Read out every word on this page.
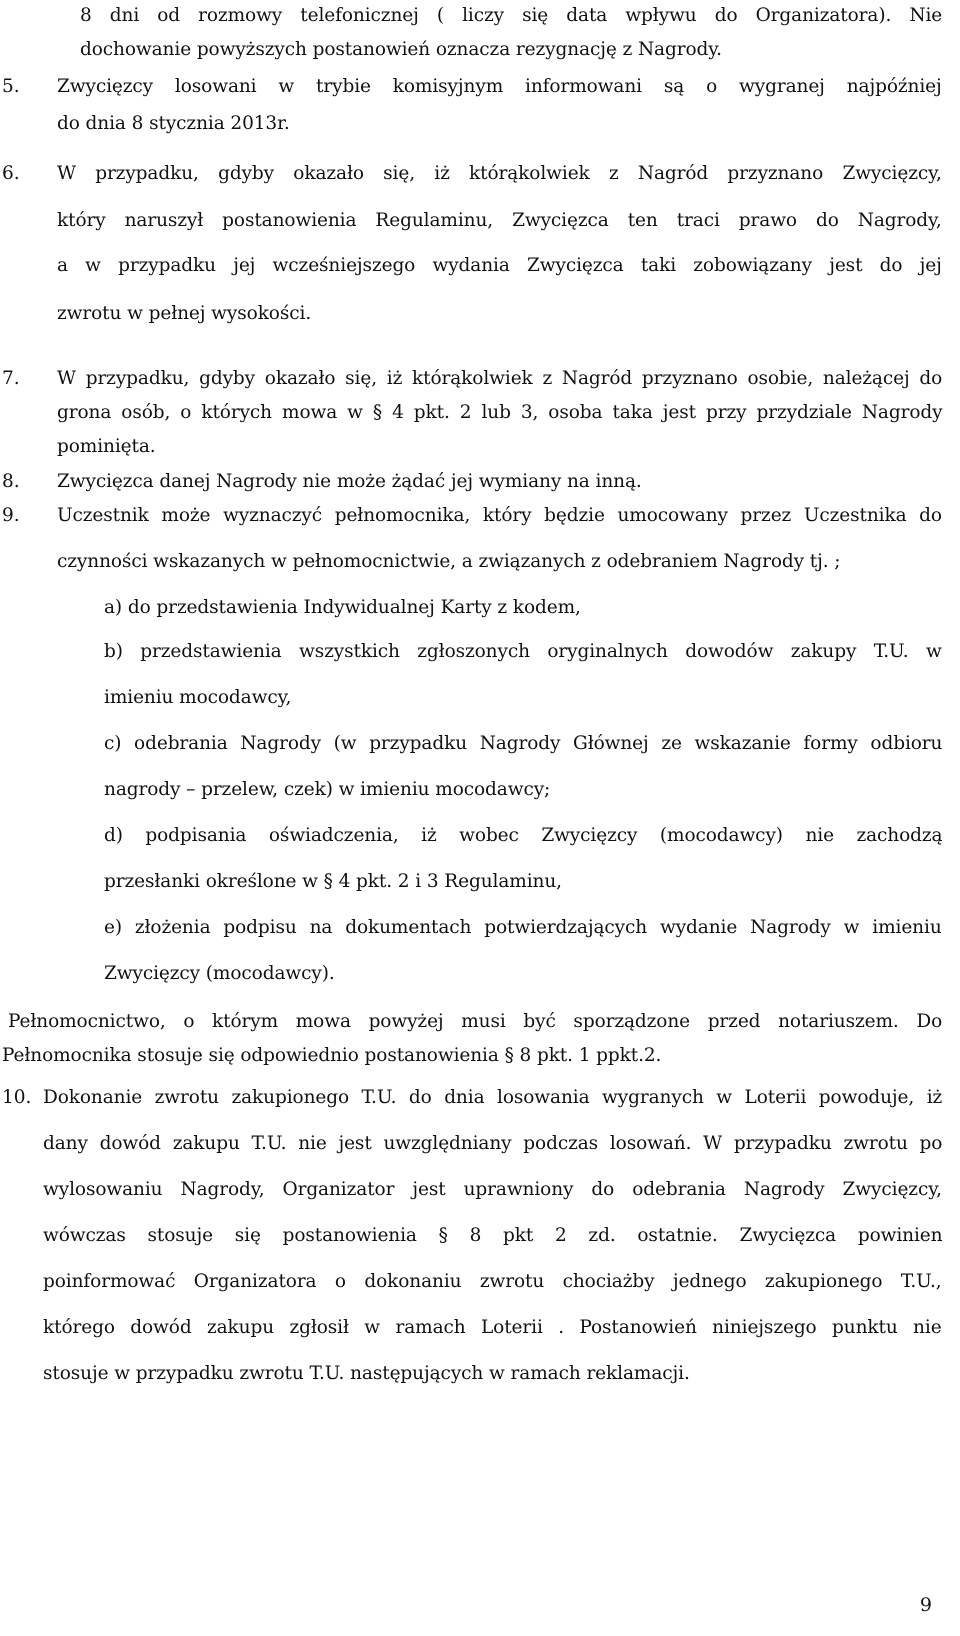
5.
6.
7.
8.
9.
10.
8 dni od rozmowy telefonicznej ( liczy się data wpływu do Organizatora). Nie
dochowanie powyższych postanowień oznacza rezygnację z Nagrody.
Zwycięzcy losowani w trybie komisyjnym informowani są o wygranej najpóźniej
do dnia 8 stycznia 2013r.
W przypadku, gdyby okazało się, iż którąkolwiek z Nagród przyznano Zwycięzcy,
który naruszył postanowienia Regulaminu, Zwycięzca ten traci prawo do Nagrody,
a w przypadku jej wcześniejszego wydania Zwycięzca taki zobowiązany jest do jej
zwrotu w pełnej wysokości.
W przypadku, gdyby okazało się, iż którąkolwiek z Nagród przyznano osobie, należącej do
grona osób, o których mowa w § 4 pkt. 2 lub 3, osoba taka jest przy przydziale Nagrody
pominięta.
Zwycięzca danej Nagrody nie może żądać jej wymiany na inną.
Uczestnik może wyznaczyć pełnomocnika, który będzie umocowany przez Uczestnika do
czynności wskazanych w pełnomocnictwie, a związanych z odebraniem Nagrody tj. ;
a) do przedstawienia Indywidualnej Karty z kodem,
b) przedstawienia wszystkich zgłoszonych oryginalnych dowodów zakupy T.U. w
imieniu mocodawcy,
c) odebrania Nagrody (w przypadku Nagrody Głównej ze wskazanie formy odbioru
nagrody – przelew, czek) w imieniu mocodawcy;
d) podpisania oświadczenia, iż wobec Zwycięzcy (mocodawcy) nie zachodzą
przesłanki określone w § 4 pkt. 2 i 3 Regulaminu,
e) złożenia podpisu na dokumentach potwierdzających wydanie Nagrody w imieniu
Zwycięzcy (mocodawcy).
Pełnomocnictwo, o którym mowa powyżej musi być sporządzone przed notariuszem. Do
Pełnomocnika stosuje się odpowiednio postanowienia § 8 pkt. 1 ppkt.2.
Dokonanie zwrotu zakupionego T.U. do dnia losowania wygranych w Loterii powoduje, iż
dany dowód zakupu T.U. nie jest uwzględniany podczas losowań. W przypadku zwrotu po
wylosowaniu Nagrody, Organizator jest uprawniony do odebrania Nagrody Zwycięzcy,
wówczas stosuje się postanowienia § 8 pkt 2 zd. ostatnie. Zwycięzca powinien
poinformować Organizatora o dokonaniu zwrotu chociażby jednego zakupionego T.U.,
którego dowód zakupu zgłosił w ramach Loterii . Postanowień niniejszego punktu nie
stosuje w przypadku zwrotu T.U. następujących w ramach reklamacji.
9
